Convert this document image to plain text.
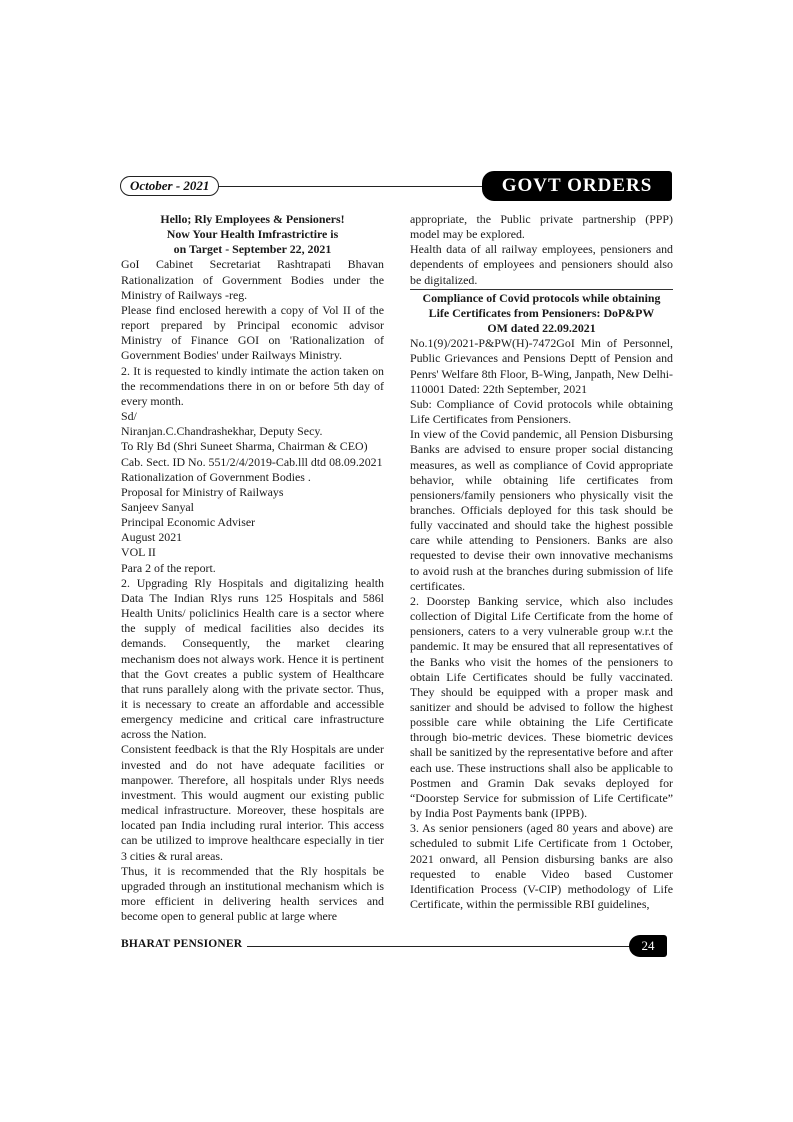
October - 2021	GOVT ORDERS

Hello; Rly Employees & Pensioners!

Now Your Health Imfrastrictire is

on Target - September 22, 2021

GoI Cabinet Secretariat Rashtrapati Bhavan Rationalization of Government Bodies under the Ministry of Railways -reg.

Please find enclosed herewith a copy of Vol II of the report prepared by Principal economic advisor Ministry of Finance GOI on 'Rationalization of Government Bodies' under Railways Ministry.

2. It is requested to kindly intimate the action taken on the recommendations there in on or before 5th day of every month.

Sd/

Niranjan.C.Chandrashekhar, Deputy Secy.

To Rly Bd (Shri Suneet Sharma, Chairman & CEO)

Cab. Sect. ID No. 551/2/4/2019-Cab.lll dtd 08.09.2021

Rationalization of Government Bodies .

Proposal for Ministry of Railways

Sanjeev Sanyal

Principal Economic Adviser

August 2021

VOL II

Para 2 of the report.

2. Upgrading Rly Hospitals and digitalizing health Data The Indian Rlys runs 125 Hospitals and 586l Health Units/ policlinics Health care is a sector where the supply of medical facilities also decides its demands. Consequently, the market clearing mechanism does not always work. Hence it is pertinent that the Govt creates a public system of Healthcare that runs parallely along with the private sector. Thus, it is necessary to create an affordable and accessible emergency medicine and critical care infrastructure across the Nation.

Consistent feedback is that the Rly Hospitals are under invested and do not have adequate facilities or manpower. Therefore, all hospitals under Rlys needs investment. This would augment our existing public medical infrastructure. Moreover, these hospitals are located pan India including rural interior. This access can be utilized to improve healthcare especially in tier 3 cities & rural areas.

Thus, it is recommended that the Rly hospitals be upgraded through an institutional mechanism which is more efficient in delivering health services and become open to general public at large where

appropriate, the Public private partnership (PPP) model may be explored.

Health data of all railway employees, pensioners and dependents of employees and pensioners should also be digitalized.

Compliance of Covid protocols while obtaining

Life Certificates from Pensioners: DoP&PW

OM dated 22.09.2021

No.1(9)/2021-P&PW(H)-7472GoI Min of Personnel, Public Grievances and Pensions Deptt of Pension and Penrs' Welfare 8th Floor, B-Wing, Janpath, New Delhi-110001 Dated: 22th September, 2021

Sub: Compliance of Covid protocols while obtaining Life Certificates from Pensioners.

In view of the Covid pandemic, all Pension Disbursing Banks are advised to ensure proper social distancing measures, as well as compliance of Covid appropriate behavior, while obtaining life certificates from pensioners/family pensioners who physically visit the branches. Officials deployed for this task should be fully vaccinated and should take the highest possible care while attending to Pensioners. Banks are also requested to devise their own innovative mechanisms to avoid rush at the branches during submission of life certificates.

2. Doorstep Banking service, which also includes collection of Digital Life Certificate from the home of pensioners, caters to a very vulnerable group w.r.t the pandemic. It may be ensured that all representatives of the Banks who visit the homes of the pensioners to obtain Life Certificates should be fully vaccinated. They should be equipped with a proper mask and sanitizer and should be advised to follow the highest possible care while obtaining the Life Certificate through bio-metric devices. These biometric devices shall be sanitized by the representative before and after each use. These instructions shall also be applicable to Postmen and Gramin Dak sevaks deployed for “Doorstep Service for submission of Life Certificate” by India Post Payments bank (IPPB).

3. As senior pensioners (aged 80 years and above) are scheduled to submit Life Certificate from 1 October, 2021 onward, all Pension disbursing banks are also requested to enable Video based Customer Identification Process (V-CIP) methodology of Life Certificate, within the permissible RBI guidelines,

BHARAT PENSIONER	24
